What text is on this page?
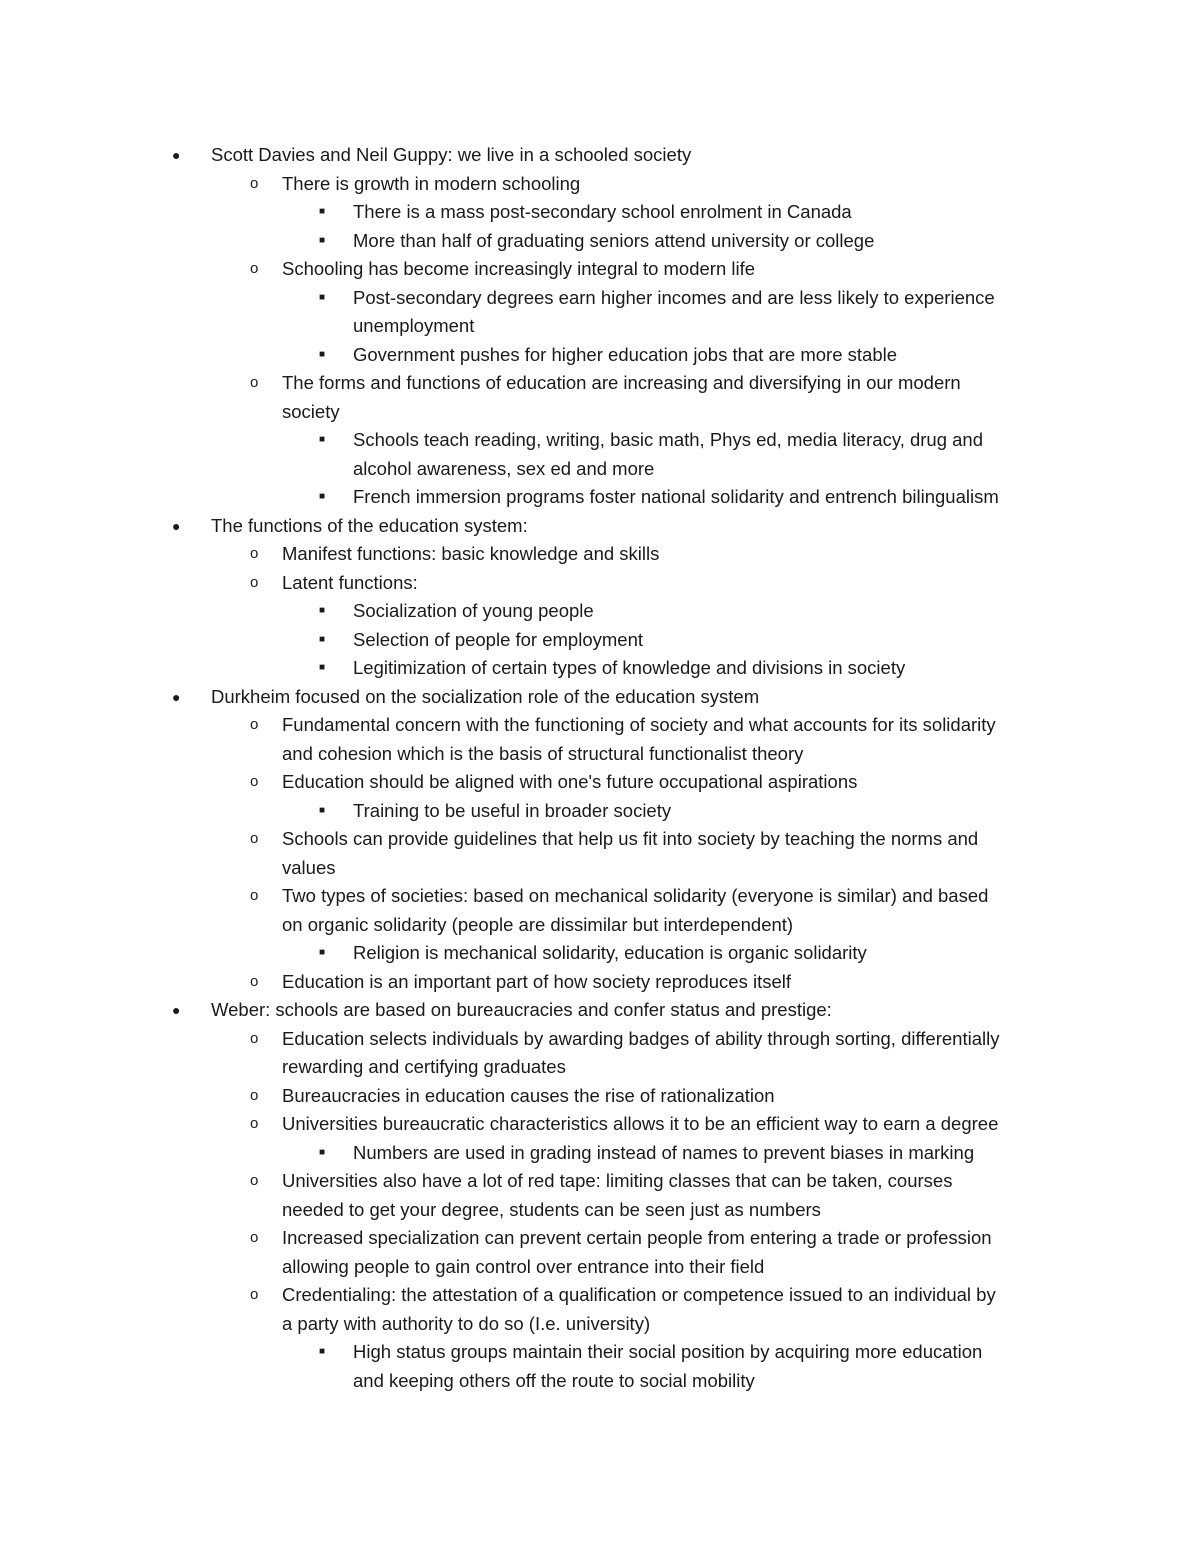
● Scott Davies and Neil Guppy: we live in a schooled society
o There is growth in modern schooling
■ There is a mass post-secondary school enrolment in Canada
■ More than half of graduating seniors attend university or college
o Schooling has become increasingly integral to modern life
■ Post-secondary degrees earn higher incomes and are less likely to experience
unemployment
■ Government pushes for higher education jobs that are more stable
o The forms and functions of education are increasing and diversifying in our modern
society
■ Schools teach reading, writing, basic math, Phys ed, media literacy, drug and
alcohol awareness, sex ed and more
■ French immersion programs foster national solidarity and entrench bilingualism
● The functions of the education system:
o Manifest functions: basic knowledge and skills
o Latent functions:
■ Socialization of young people
■ Selection of people for employment
■ Legitimization of certain types of knowledge and divisions in society
● Durkheim focused on the socialization role of the education system
o Fundamental concern with the functioning of society and what accounts for its solidarity
and cohesion which is the basis of structural functionalist theory
o Education should be aligned with one's future occupational aspirations
■ Training to be useful in broader society
o Schools can provide guidelines that help us fit into society by teaching the norms and
values
o Two types of societies: based on mechanical solidarity (everyone is similar) and based
on organic solidarity (people are dissimilar but interdependent)
■ Religion is mechanical solidarity, education is organic solidarity
o Education is an important part of how society reproduces itself
● Weber: schools are based on bureaucracies and confer status and prestige:
o Education selects individuals by awarding badges of ability through sorting, differentially
rewarding and certifying graduates
o Bureaucracies in education causes the rise of rationalization
o Universities bureaucratic characteristics allows it to be an efficient way to earn a degree
■ Numbers are used in grading instead of names to prevent biases in marking
o Universities also have a lot of red tape: limiting classes that can be taken, courses
needed to get your degree, students can be seen just as numbers
o Increased specialization can prevent certain people from entering a trade or profession
allowing people to gain control over entrance into their field
o Credentialing: the attestation of a qualification or competence issued to an individual by
a party with authority to do so (I.e. university)
■ High status groups maintain their social position by acquiring more education
and keeping others off the route to social mobility
